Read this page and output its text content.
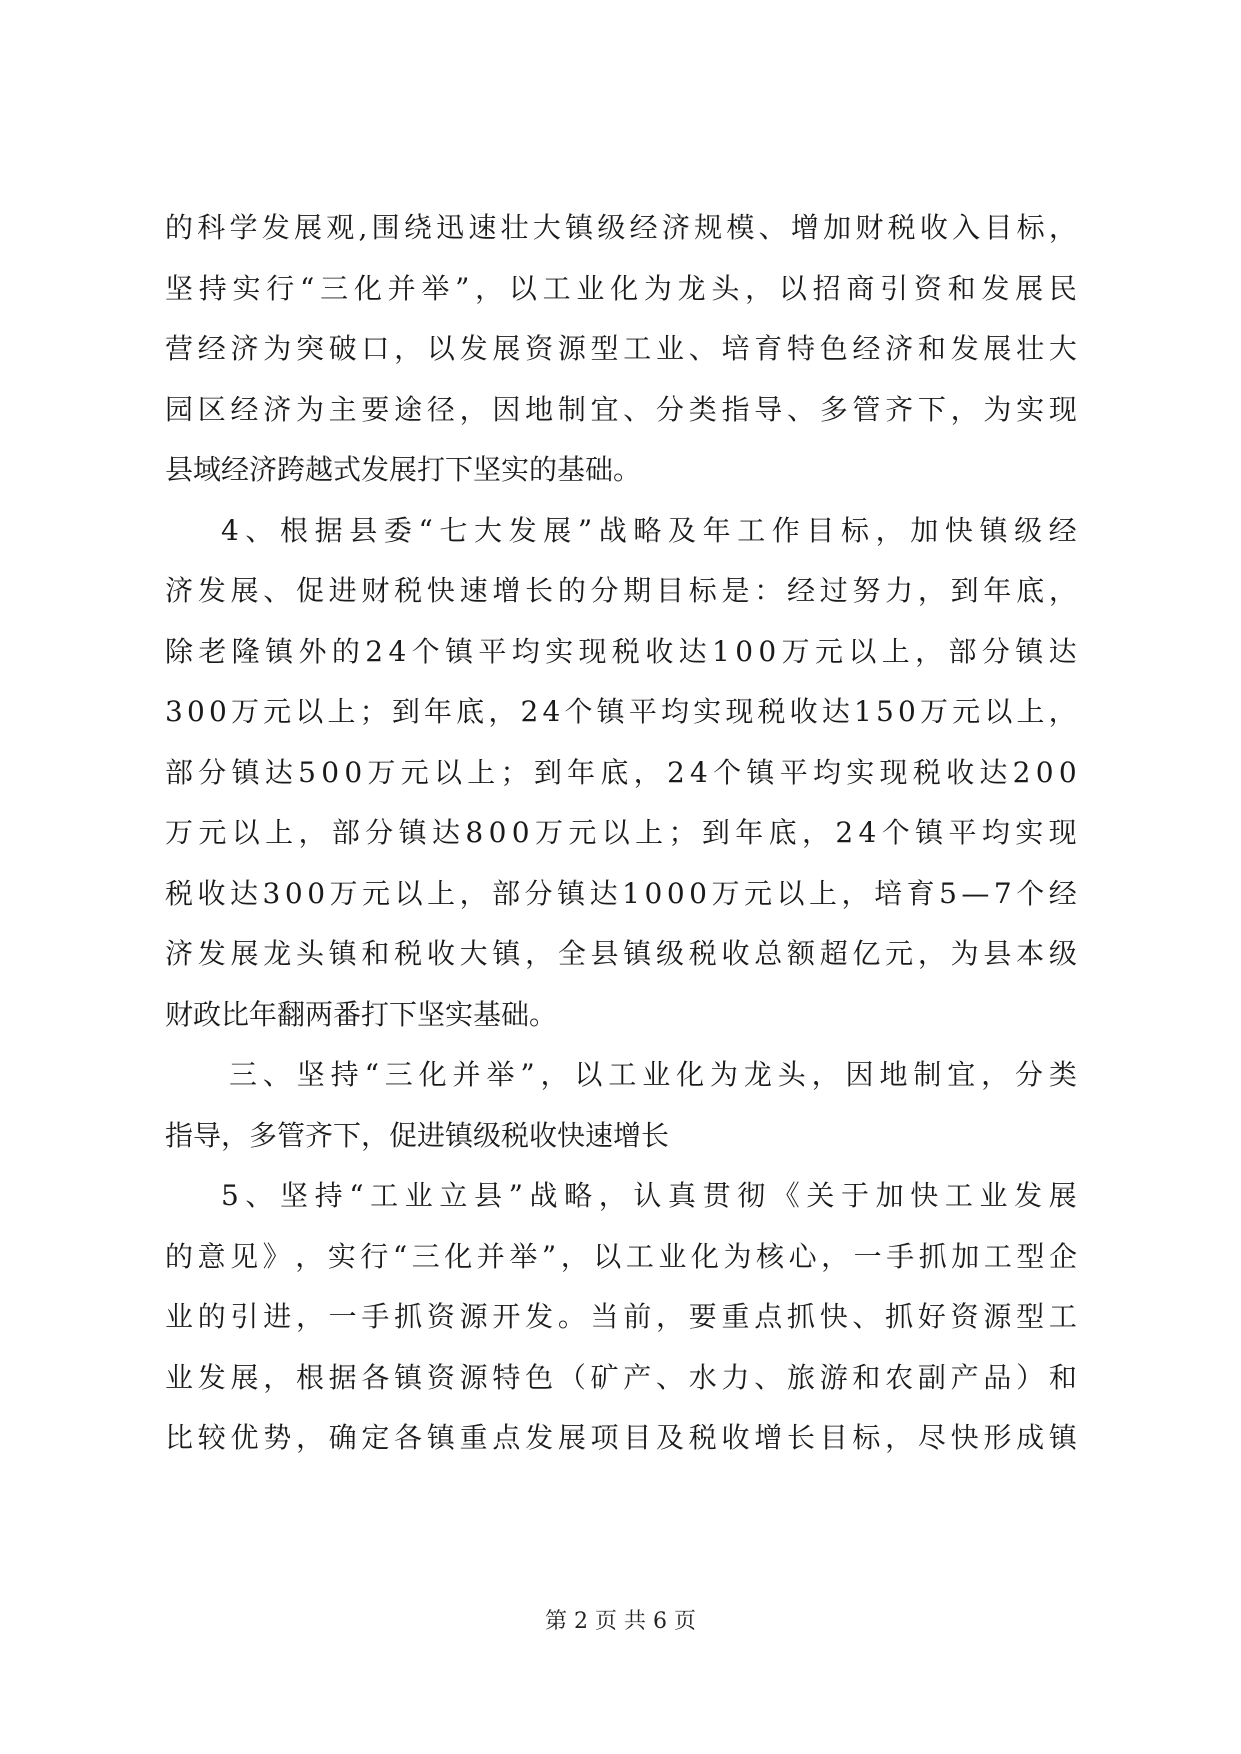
的 科 学 发 展 观 , 围 绕 迅 速 壮 大 镇 级 经 济 规 模 、 增 加 财 税 收 入 目 标 ，
坚 持 实 行 “ 三 化 并 举 ” ， 以 工 业 化 为 龙 头 ， 以 招 商 引 资 和 发 展 民
营 经 济 为 突 破 口 ， 以 发 展 资 源 型 工 业 、 培 育 特 色 经 济 和 发 展 壮 大
园 区 经 济 为 主 要 途 径 ， 因 地 制 宜 、 分 类 指 导 、 多 管 齐 下 ， 为 实 现
县域经济跨越式发展打下坚实的基础。
4 、 根 据 县 委 “ 七 大 发 展 ” 战 略 及 年 工 作 目 标 ， 加 快 镇 级 经
济 发 展 、 促 进 财 税 快 速 增 长 的 分 期 目 标 是 ： 经 过 努 力 ， 到 年 底 ，
除 老 隆 镇 外 的 2 4 个 镇 平 均 实 现 税 收 达 1 0 0 万 元 以 上 ， 部 分 镇 达
3 0 0 万 元 以 上 ； 到 年 底 ， 2 4 个 镇 平 均 实 现 税 收 达 1 5 0 万 元 以 上 ，
部 分 镇 达 5 0 0 万 元 以 上 ； 到 年 底 ， 2 4 个 镇 平 均 实 现 税 收 达 2 0 0
万 元 以 上 ， 部 分 镇 达 8 0 0 万 元 以 上 ； 到 年 底 ， 2 4 个 镇 平 均 实 现
税 收 达 3 0 0 万 元 以 上 ， 部 分 镇 达 1 0 0 0 万 元 以 上 ， 培 育 5 — 7 个 经
济 发 展 龙 头 镇 和 税 收 大 镇 ， 全 县 镇 级 税 收 总 额 超 亿 元 ， 为 县 本 级
财政比年翻两番打下坚实基础。
三 、 坚 持 “ 三 化 并 举 ” ， 以 工 业 化 为 龙 头 ， 因 地 制 宜 ， 分 类
指导，多管齐下，促进镇级税收快速增长
5 、 坚 持 “ 工 业 立 县 ” 战 略 ， 认 真 贯 彻 《 关 于 加 快 工 业 发 展
的 意 见 》 ， 实 行 “ 三 化 并 举 ” ， 以 工 业 化 为 核 心 ， 一 手 抓 加 工 型 企
业 的 引 进 ， 一 手 抓 资 源 开 发 。 当 前 ， 要 重 点 抓 快 、 抓 好 资 源 型 工
业 发 展 ， 根 据 各 镇 资 源 特 色 （ 矿 产 、 水 力 、 旅 游 和 农 副 产 品 ） 和
比 较 优 势 ， 确 定 各 镇 重 点 发 展 项 目 及 税 收 增 长 目 标 ， 尽 快 形 成 镇
第 2 页 共 6 页
